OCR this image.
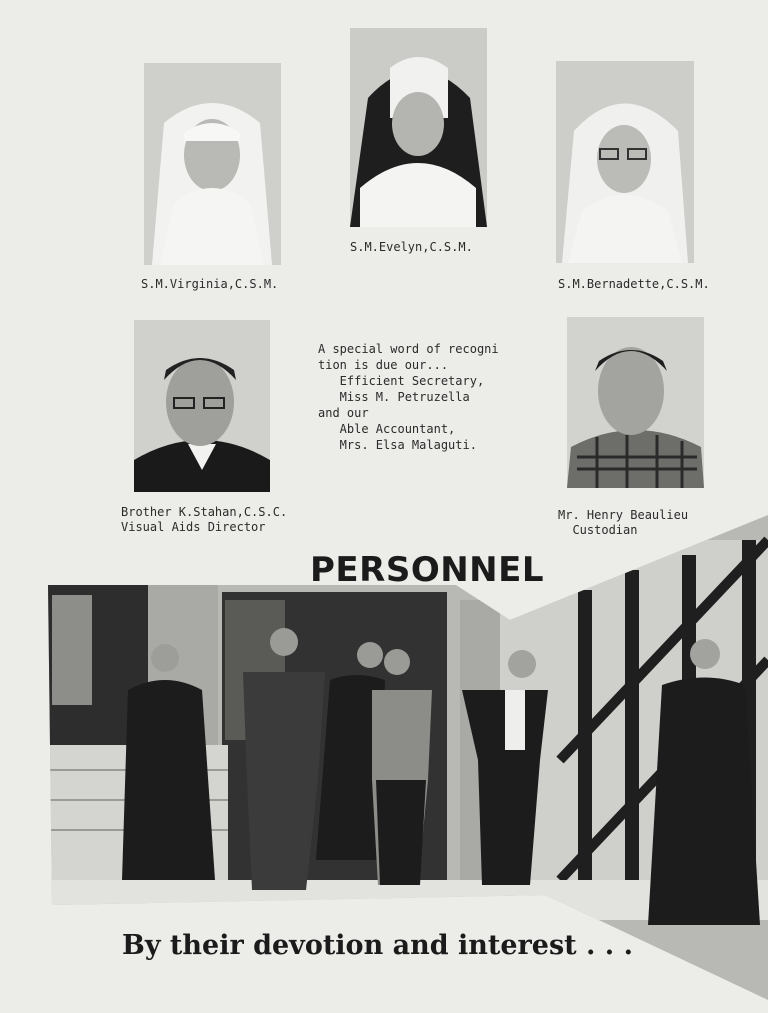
S.M.Virginia,C.S.M.
S.M.Evelyn,C.S.M.
S.M.Bernadette,C.S.M.
Brother K.Stahan,C.S.C.
Visual Aids Director
A special word of recogni
tion is due our...
Efficient Secretary,
Miss M. Petruzella
and our
Able Accountant,
Mrs. Elsa Malaguti.
Mr. Henry Beaulieu
Custodian
PERSONNEL
By their devotion and interest . . .
